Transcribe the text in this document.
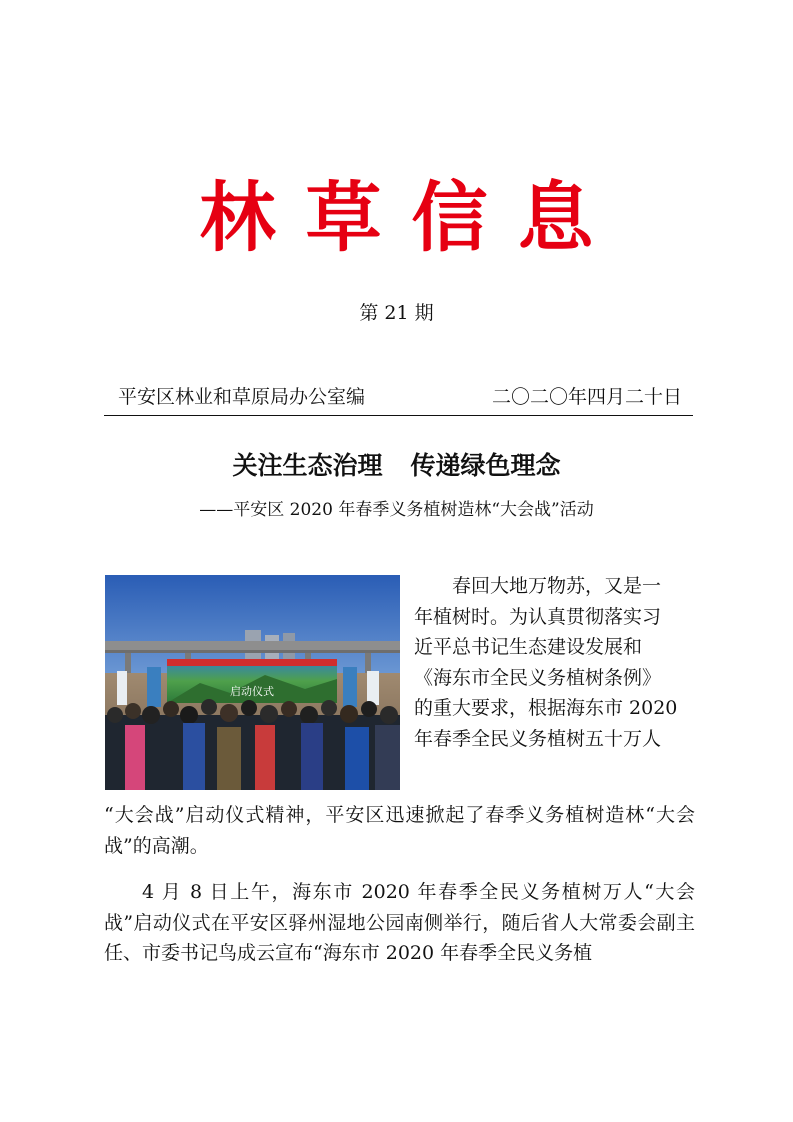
林草信息
第 21 期
平安区林业和草原局办公室编	二〇二〇年四月二十日
关注生态治理 传递绿色理念
——平安区 2020 年春季义务植树造林“大会战”活动
启动仪式

春回大地万物苏，又是一

年植树时。为认真贯彻落实习

近平总书记生态建设发展和

《海东市全民义务植树条例》

的重大要求，根据海东市 2020

年春季全民义务植树五十万人

“大会战”启动仪式精神，平安区迅速掀起了春季义务植树造林“大会战”的高潮。

4 月 8 日上午，海东市 2020 年春季全民义务植树万人“大会战”启动仪式在平安区驿州湿地公园南侧举行，随后省人大常委会副主任、市委书记鸟成云宣布“海东市 2020 年春季全民义务植
